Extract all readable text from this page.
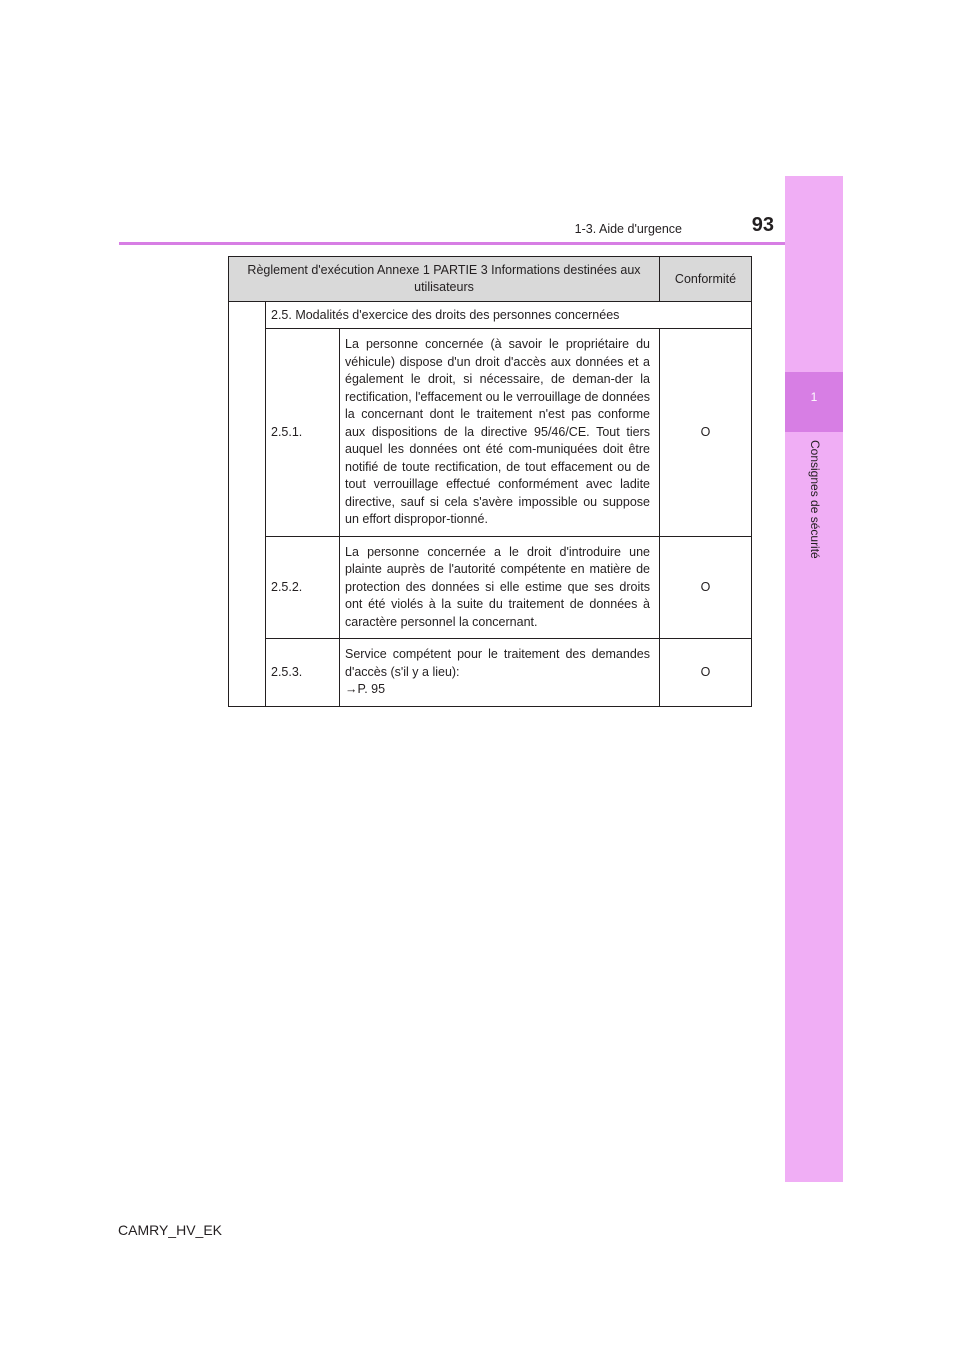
1
Consignes de sécurité
1-3. Aide d'urgence	93
Règlement d'exécution Annexe 1 PARTIE 3 Informations destinées aux utilisateurs			Conformité
	2.5. Modalités d'exercice des droits des personnes concernées		
	2.5.1.	La personne concernée (à savoir le propriétaire du véhicule) dispose d'un droit d'accès aux données et a également le droit, si nécessaire, de deman-der la rectification, l'effacement ou le verrouillage de données la concernant dont le traitement n'est pas conforme aux dispositions de la directive 95/46/CE. Tout tiers auquel les données ont été com-muniquées doit être notifié de toute rectification, de tout effacement ou de tout verrouillage effectué conformément avec ladite directive, sauf si cela s'avère impossible ou suppose un effort dispropor-tionné.	O
	2.5.2.	La personne concernée a le droit d'introduire une plainte auprès de l'autorité compétente en matière de protection des données si elle estime que ses droits ont été violés à la suite du traitement de données à caractère personnel la concernant.	O
	2.5.3.	Service compétent pour le traitement des demandes d'accès (s'il y a lieu):
→P. 95	O
CAMRY_HV_EK
